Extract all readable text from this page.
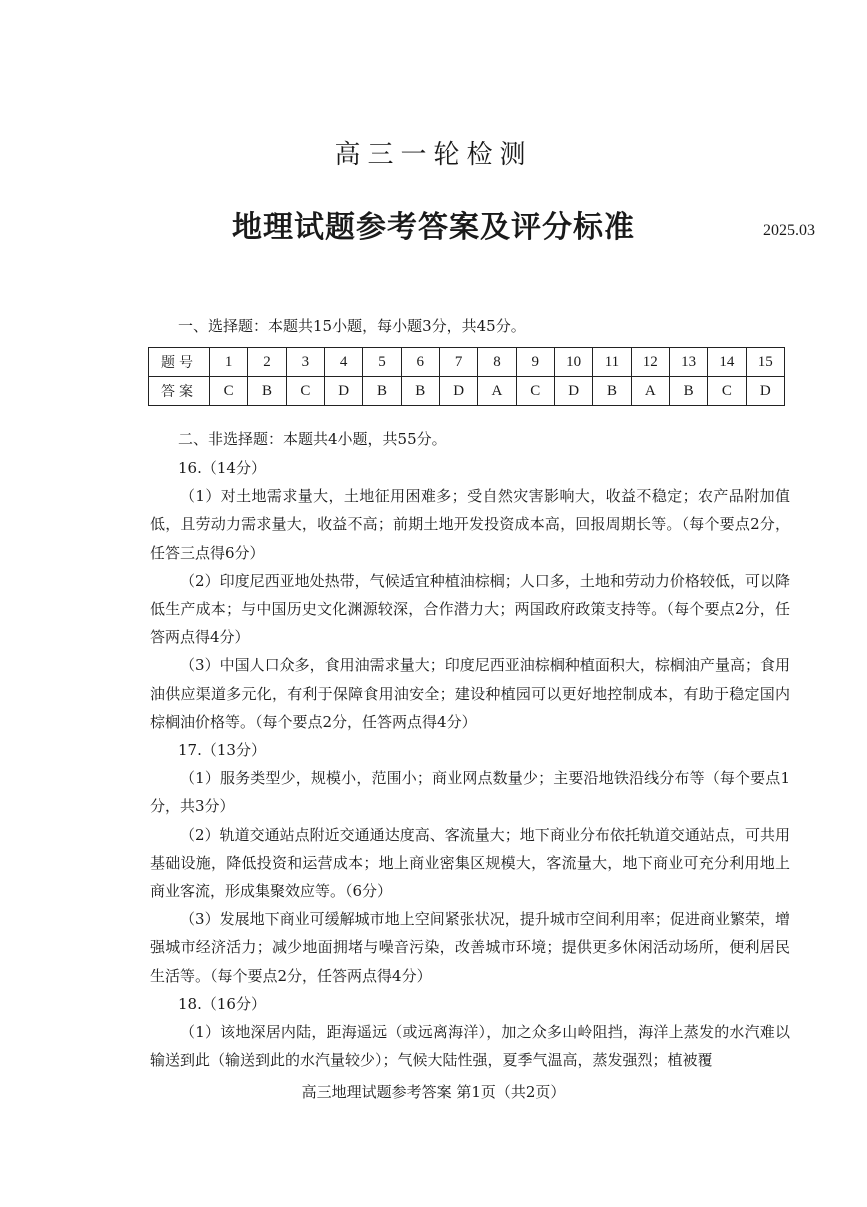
高三一轮检测
地理试题参考答案及评分标准	2025.03
一、选择题：本题共15小题，每小题3分，共45分。
题号	1	2	3	4	5	6	7	8	9	10	11	12	13	14	15
答案	C	B	C	D	B	B	D	A	C	D	B	A	B	C	D
二、非选择题：本题共4小题，共55分。

16.（14分）

（1）对土地需求量大，土地征用困难多；受自然灾害影响大，收益不稳定；农产品附加值低，且劳动力需求量大，收益不高；前期土地开发投资成本高，回报周期长等。（每个要点2分，任答三点得6分）

（2）印度尼西亚地处热带，气候适宜种植油棕榈；人口多，土地和劳动力价格较低，可以降低生产成本；与中国历史文化渊源较深，合作潜力大；两国政府政策支持等。（每个要点2分，任答两点得4分）

（3）中国人口众多，食用油需求量大；印度尼西亚油棕榈种植面积大，棕榈油产量高；食用油供应渠道多元化，有利于保障食用油安全；建设种植园可以更好地控制成本，有助于稳定国内棕榈油价格等。（每个要点2分，任答两点得4分）

17.（13分）

（1）服务类型少，规模小，范围小；商业网点数量少；主要沿地铁沿线分布等（每个要点1分，共3分）

（2）轨道交通站点附近交通通达度高、客流量大；地下商业分布依托轨道交通站点，可共用基础设施，降低投资和运营成本；地上商业密集区规模大，客流量大，地下商业可充分利用地上商业客流，形成集聚效应等。（6分）

（3）发展地下商业可缓解城市地上空间紧张状况，提升城市空间利用率；促进商业繁荣，增强城市经济活力；减少地面拥堵与噪音污染，改善城市环境；提供更多休闲活动场所，便利居民生活等。（每个要点2分，任答两点得4分）

18.（16分）

（1）该地深居内陆，距海遥远（或远离海洋），加之众多山岭阻挡，海洋上蒸发的水汽难以输送到此（输送到此的水汽量较少）；气候大陆性强，夏季气温高，蒸发强烈；植被覆

高三地理试题参考答案 第1页（共2页）
